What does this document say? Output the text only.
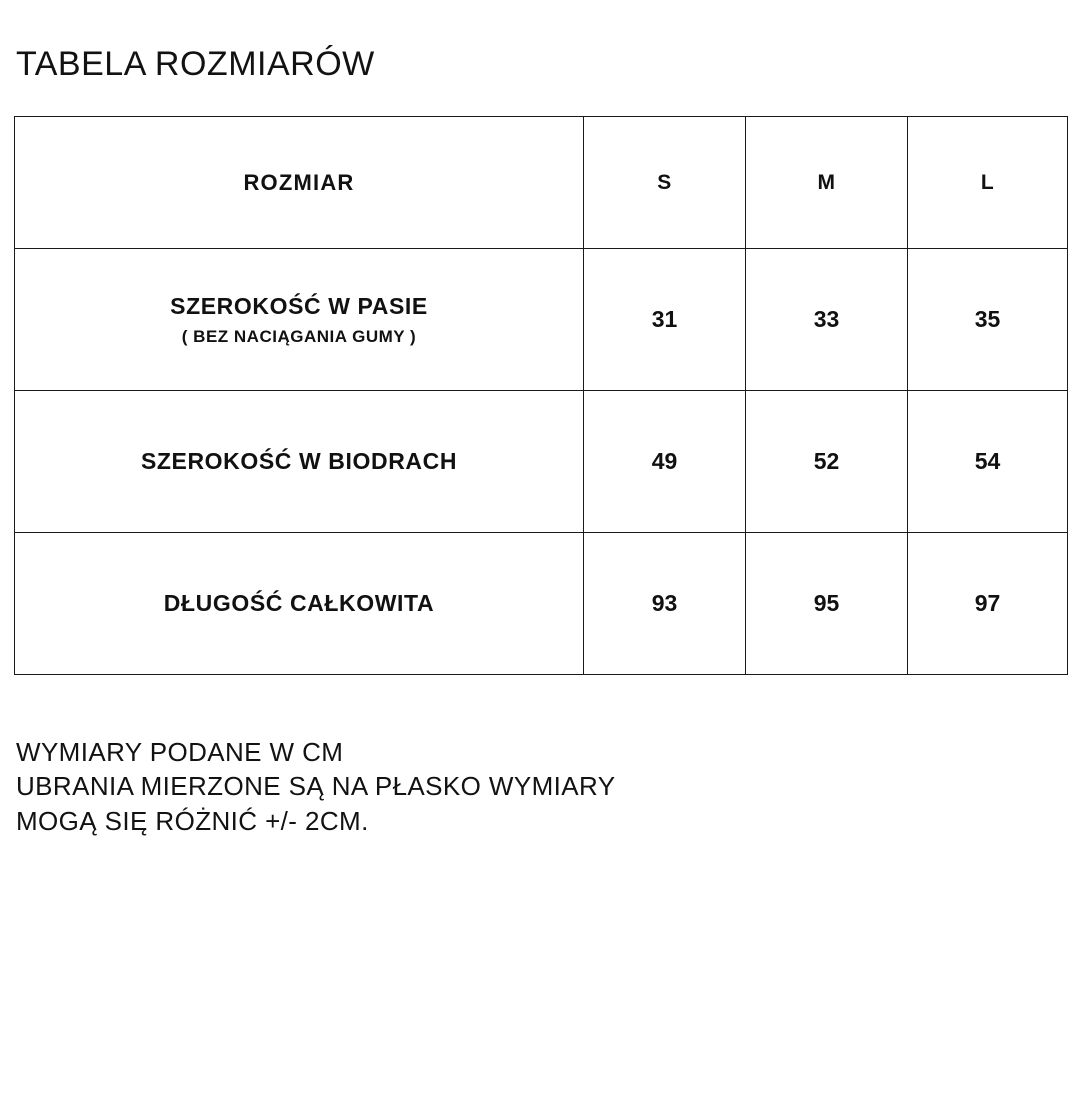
TABELA ROZMIARÓW
ROZMIAR	S	M	L
SZEROKOŚĆ W PASIE
( BEZ NACIĄGANIA GUMY )	31	33	35
SZEROKOŚĆ W BIODRACH	49	52	54
DŁUGOŚĆ CAŁKOWITA	93	95	97
WYMIARY PODANE W CM
UBRANIA MIERZONE SĄ NA PŁASKO WYMIARY
MOGĄ SIĘ RÓŻNIĆ +/- 2CM.
